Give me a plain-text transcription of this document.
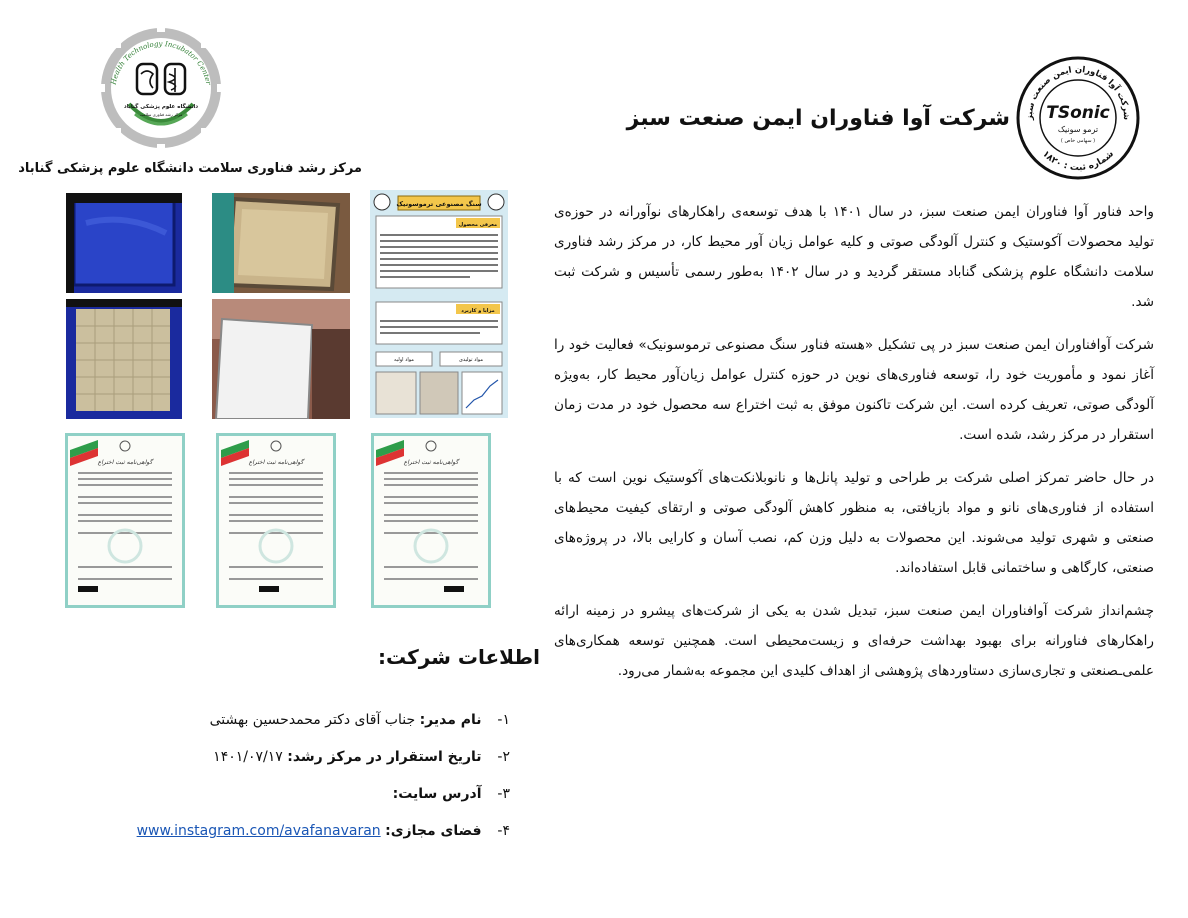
شرکت آوا فناوران ایمن صنعت سبز
شماره ثبت : ۱۸۲۰
TSonic
ترمو سونیک
( سهامی خاص )
شرکت آوا فناوران ایمن صنعت سبز
Health Technology Incubator Center
دانشگاه علوم پزشکی گناباد
مرکز رشد فناوری سلامت
مرکز رشد فناوری سلامت دانشگاه علوم پزشکی گناباد

واحد فناور آوا فناوران ایمن صنعت سبز، در سال ۱۴۰۱ با هدف توسعه‌ی راهکارهای نوآورانه در حوزه‌ی تولید محصولات آکوستیک و کنترل آلودگی صوتی و کلیه عوامل زیان آور محیط کار، در مرکز رشد فناوری سلامت دانشگاه علوم پزشکی گناباد مستقر گردید و در سال ۱۴۰۲ به‌طور رسمی تأسیس و شرکت ثبت شد.

شرکت آوافناوران ایمن صنعت سبز در پی تشکیل «هسته فناور سنگ مصنوعی ترموسونیک» فعالیت خود را آغاز نمود و مأموریت خود را، توسعه فناوری‌های نوین در حوزه کنترل عوامل زیان‌آور محیط کار، به‌ویژه آلودگی صوتی، تعریف کرده است. این شرکت تاکنون موفق به ثبت اختراع سه محصول خود در مدت زمان استقرار در مرکز رشد، شده است.

در حال حاضر تمرکز اصلی شرکت بر طراحی و تولید پانل‌ها و نانوبلانکت‌های آکوستیک نوین است که با استفاده از فناوری‌های نانو و مواد بازیافتی، به منظور کاهش آلودگی صوتی و ارتقای کیفیت محیط‌های صنعتی و شهری تولید می‌شوند. این محصولات به دلیل وزن کم، نصب آسان و کارایی بالا، در پروژه‌های صنعتی، کارگاهی و ساختمانی قابل استفاده‌اند.

چشم‌انداز شرکت آوافناوران ایمن صنعت سبز، تبدیل شدن به یکی از شرکت‌های پیشرو در زمینه ارائه راهکارهای فناورانه برای بهبود بهداشت حرفه‌ای و زیست‌محیطی است. همچنین توسعه همکاری‌های علمی‌ـصنعتی و تجاری‌سازی دستاوردهای پژوهشی از اهداف کلیدی این مجموعه به‌شمار می‌رود.

سنگ مصنوعی ترموسونیک
معرفی محصول
مزایا و کاربرد
مواد اولیه	مواد تولیدی
گواهی‌نامه ثبت اختراع	گواهی‌نامه ثبت اختراع	گواهی‌نامه ثبت اختراع
اطلاعات شرکت:
۱- نام مدیر: جناب آقای دکتر محمدحسین بهشتی
۲- تاریخ استقرار در مرکز رشد: ۱۴۰۱/۰۷/۱۷
۳- آدرس سایت:
۴- فضای مجازی: www.instagram.com/avafanavaran
